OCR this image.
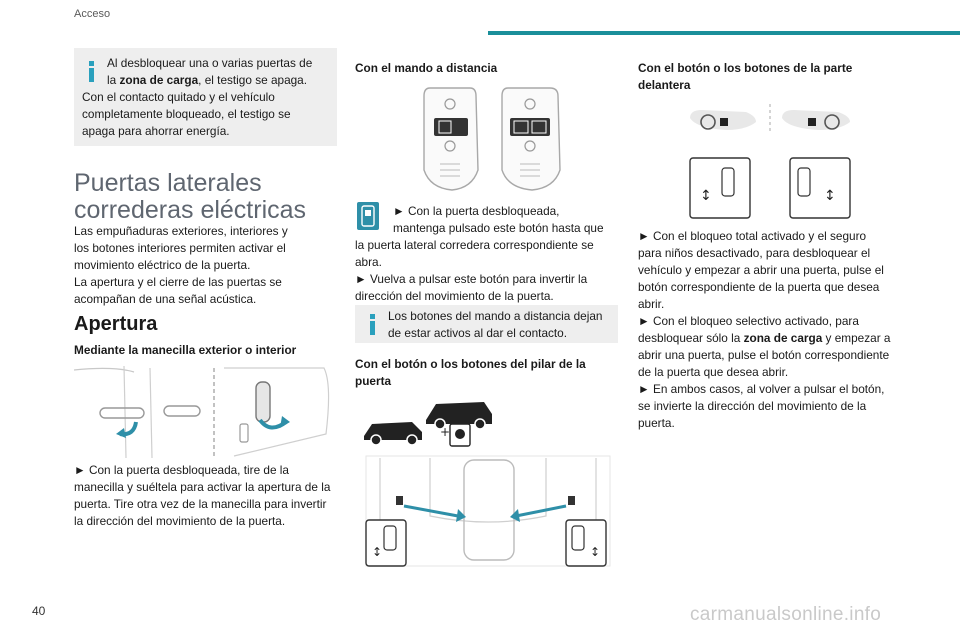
Acceso

Al desbloquear una o varias puertas de

la zona de carga, el testigo se apaga.

Con el contacto quitado y el vehículo

completamente bloqueado, el testigo se

apaga para ahorrar energía.

Puertas laterales
correderas eléctricas

Las empuñaduras exteriores, interiores y

los botones interiores permiten activar el

movimiento eléctrico de la puerta.

La apertura y el cierre de las puertas se

acompañan de una señal acústica.

Apertura
Mediante la manecilla exterior o interior

► Con la puerta desbloqueada, tire de la

manecilla y suéltela para activar la apertura de la

puerta. Tire otra vez de la manecilla para invertir

la dirección del movimiento de la puerta.

Con el mando a distancia

► Con la puerta desbloqueada,

mantenga pulsado este botón hasta que

la puerta lateral corredera correspondiente se

abra.

► Vuelva a pulsar este botón para invertir la

dirección del movimiento de la puerta.

Los botones del mando a distancia dejan

de estar activos al dar el contacto.

Con el botón o los botones del pilar de la
puerta
+
↕	↕
Con el botón o los botones de la parte
delantera
↕	↕

► Con el bloqueo total activado y el seguro

para niños desactivado, para desbloquear el

vehículo y empezar a abrir una puerta, pulse el

botón correspondiente de la puerta que desea

abrir.

► Con el bloqueo selectivo activado, para

desbloquear sólo la zona de carga y empezar a

abrir una puerta, pulse el botón correspondiente

de la puerta que desea abrir.

► En ambos casos, al volver a pulsar el botón,

se invierte la dirección del movimiento de la

puerta.

40	carmanualsonline.info
